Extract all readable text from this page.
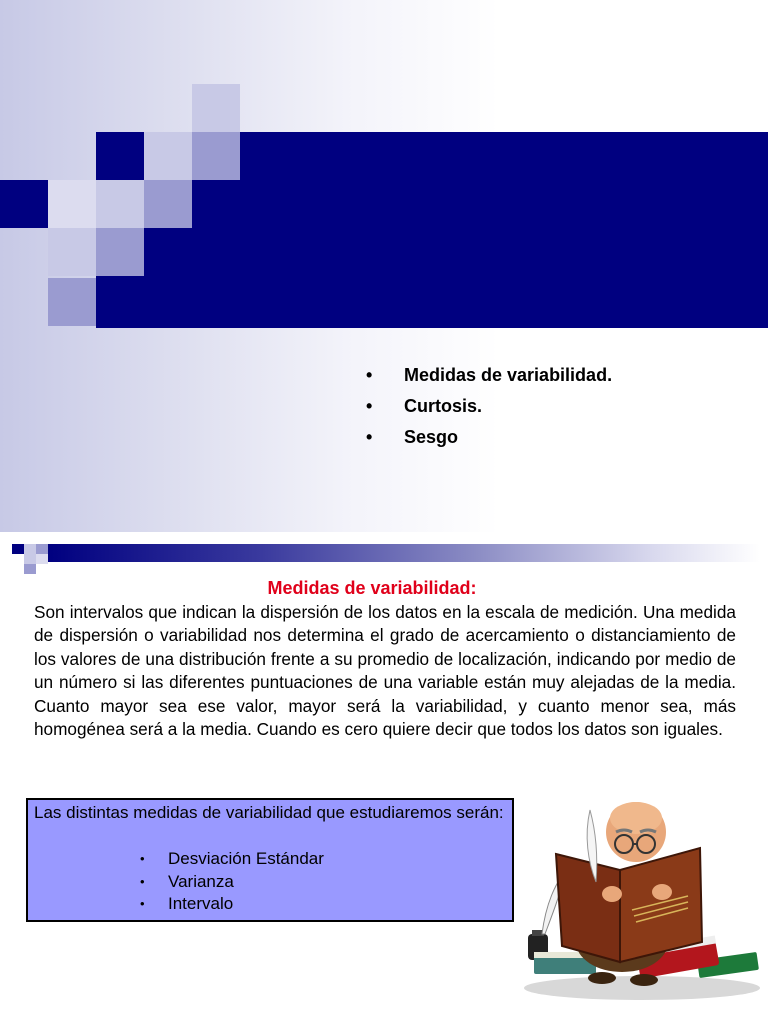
• Medidas de variabilidad.
• Curtosis.
• Sesgo
Medidas de variabilidad:

Son intervalos que indican la dispersión de los datos en la escala de medición. Una medida de dispersión o variabilidad nos determina el grado de acercamiento o distanciamiento de los valores de una distribución frente a su promedio de localización, indicando por medio de un número si las diferentes puntuaciones de una variable están muy alejadas de la media. Cuanto mayor sea ese valor, mayor será la variabilidad, y cuanto menor sea, más homogénea será a la media. Cuando es cero quiere decir que todos los datos son iguales.

Las distintas medidas de variabilidad que estudiaremos serán:

• Desviación Estándar
• Varianza
• Intervalo
